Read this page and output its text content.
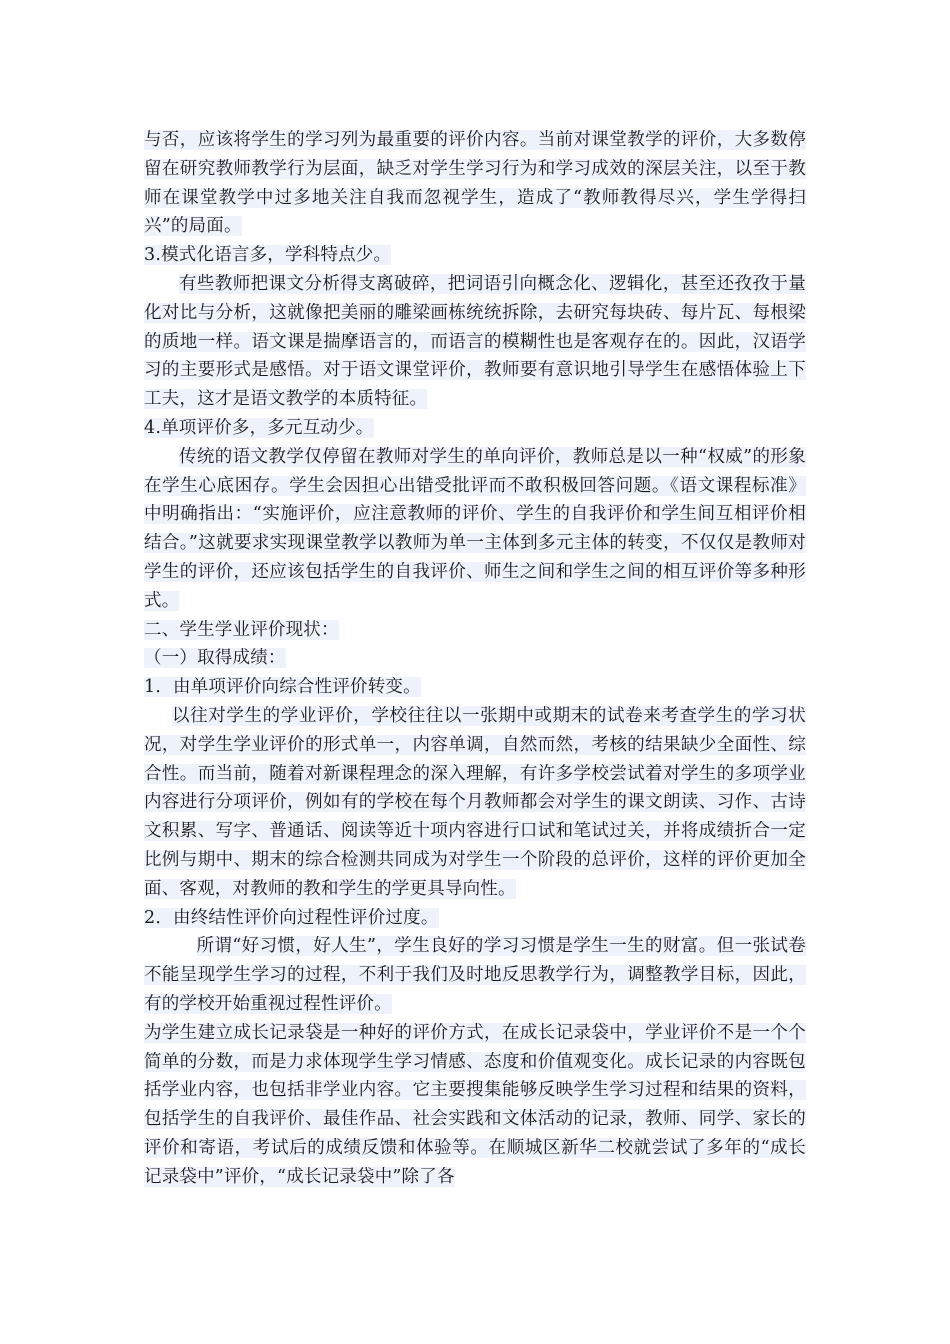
与否，应该将学生的学习列为最重要的评价内容。当前对课堂教学的评价，大多数停留在研究教师教学行为层面，缺乏对学生学习行为和学习成效的深层关注，以至于教师在课堂教学中过多地关注自我而忽视学生，造成了“教师教得尽兴，学生学得扫兴”的局面。

3.模式化语言多，学科特点少。

有些教师把课文分析得支离破碎，把词语引向概念化、逻辑化，甚至还孜孜于量化对比与分析，这就像把美丽的雕梁画栋统统拆除，去研究每块砖、每片瓦、每根梁的质地一样。语文课是揣摩语言的，而语言的模糊性也是客观存在的。因此，汉语学习的主要形式是感悟。对于语文课堂评价，教师要有意识地引导学生在感悟体验上下工夫，这才是语文教学的本质特征。

4.单项评价多，多元互动少。

传统的语文教学仅停留在教师对学生的单向评价，教师总是以一种“权威”的形象在学生心底困存。学生会因担心出错受批评而不敢积极回答问题。《语文课程标准》中明确指出：“实施评价，应注意教师的评价、学生的自我评价和学生间互相评价相结合。”这就要求实现课堂教学以教师为单一主体到多元主体的转变，不仅仅是教师对学生的评价，还应该包括学生的自我评价、师生之间和学生之间的相互评价等多种形式。

二、学生学业评价现状：

（一）取得成绩：

1．由单项评价向综合性评价转变。

以往对学生的学业评价，学校往往以一张期中或期末的试卷来考查学生的学习状况，对学生学业评价的形式单一，内容单调，自然而然，考核的结果缺少全面性、综合性。而当前，随着对新课程理念的深入理解，有许多学校尝试着对学生的多项学业内容进行分项评价，例如有的学校在每个月教师都会对学生的课文朗读、习作、古诗文积累、写字、普通话、阅读等近十项内容进行口试和笔试过关，并将成绩折合一定比例与期中、期末的综合检测共同成为对学生一个阶段的总评价，这样的评价更加全面、客观，对教师的教和学生的学更具导向性。

2．由终结性评价向过程性评价过度。

所谓“好习惯，好人生”，学生良好的学习习惯是学生一生的财富。但一张试卷不能呈现学生学习的过程，不利于我们及时地反思教学行为，调整教学目标，因此，有的学校开始重视过程性评价。

为学生建立成长记录袋是一种好的评价方式，在成长记录袋中，学业评价不是一个个简单的分数，而是力求体现学生学习情感、态度和价值观变化。成长记录的内容既包括学业内容，也包括非学业内容。它主要搜集能够反映学生学习过程和结果的资料，包括学生的自我评价、最佳作品、社会实践和文体活动的记录，教师、同学、家长的评价和寄语，考试后的成绩反馈和体验等。在顺城区新华二校就尝试了多年的“成长记录袋中”评价，“成长记录袋中”除了各
